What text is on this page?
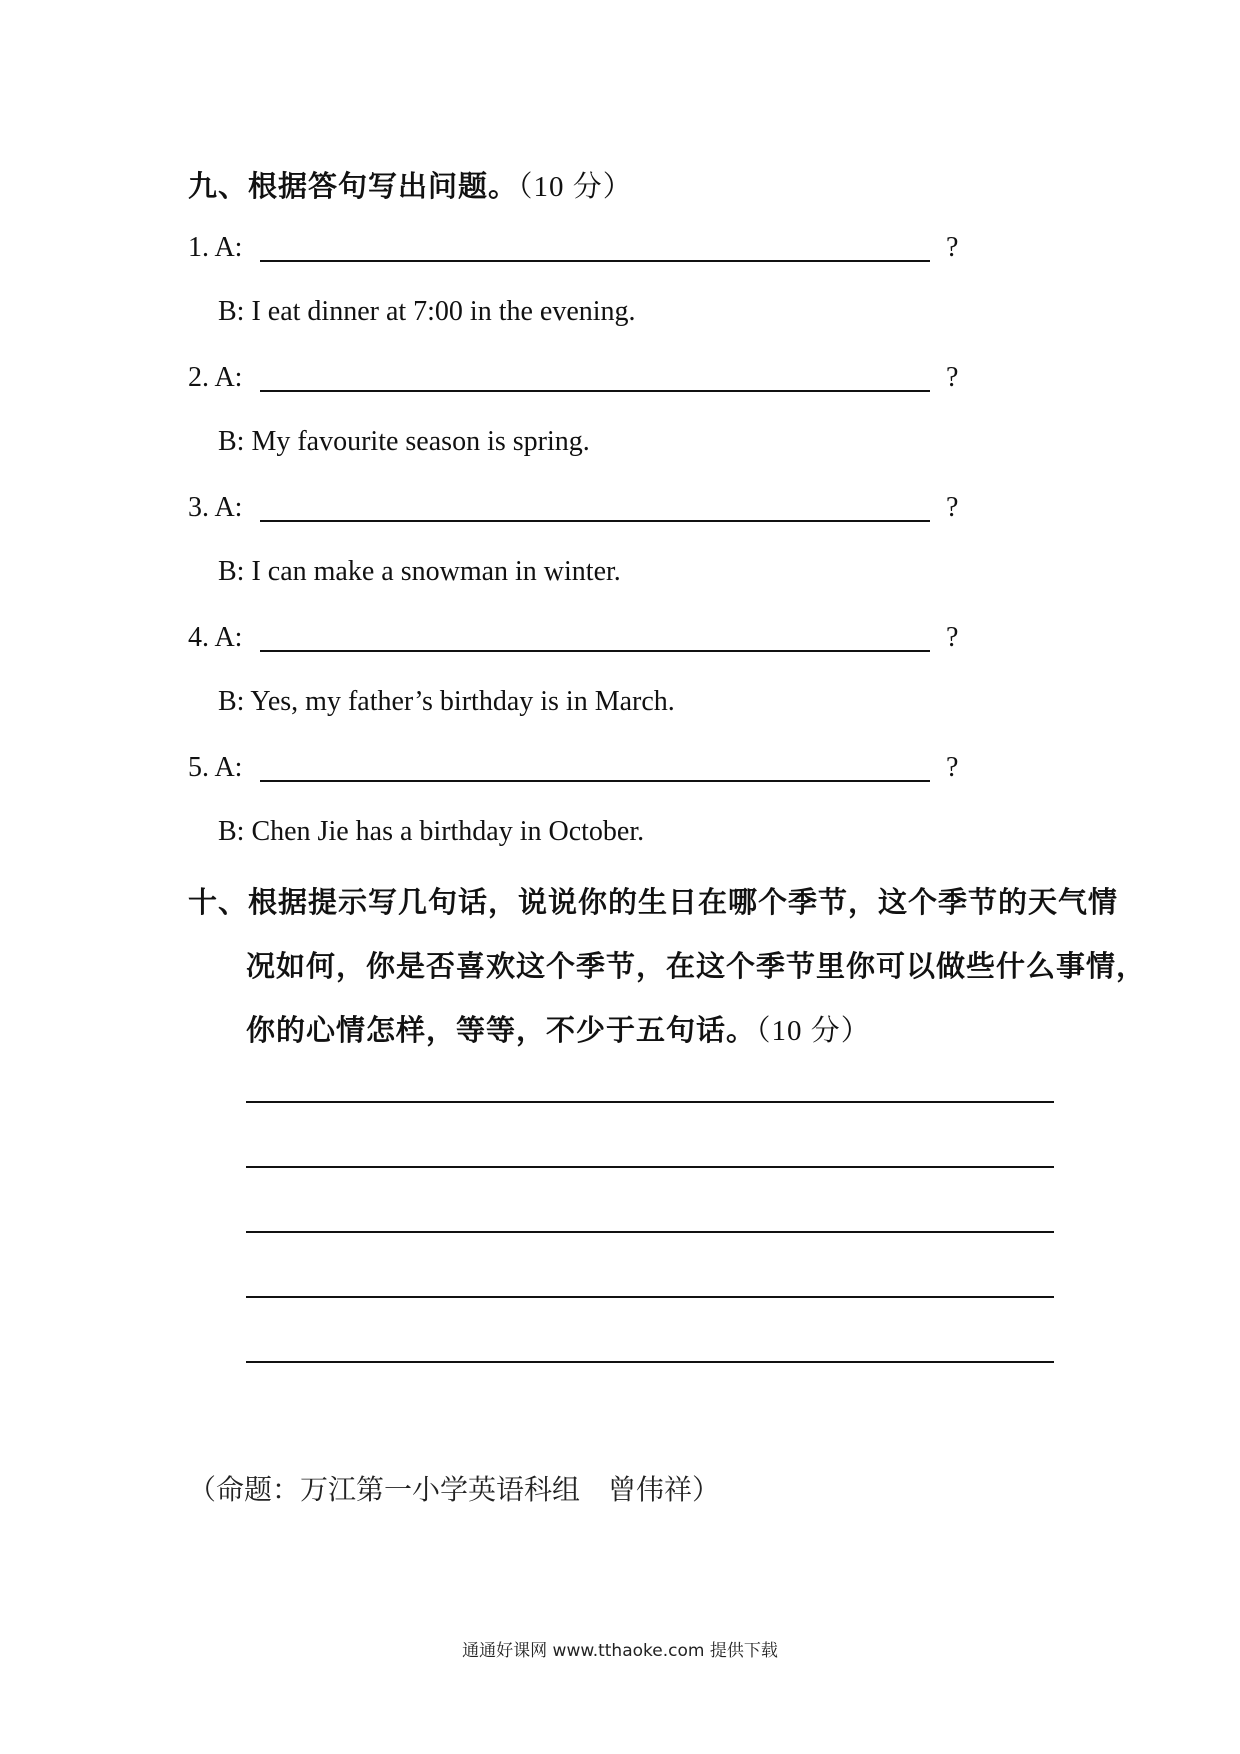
九、根据答句写出问题。（10 分）
1. A:	?
B: I eat dinner at 7:00 in the evening.
2. A:	?
B: My favourite season is spring.
3. A:	?
B: I can make a snowman in winter.
4. A:	?
B: Yes, my father’s birthday is in March.
5. A:	?
B: Chen Jie has a birthday in October.
十、根据提示写几句话，说说你的生日在哪个季节，这个季节的天气情
况如何，你是否喜欢这个季节，在这个季节里你可以做些什么事情，
你的心情怎样，等等，不少于五句话。（10 分）
（命题：万江第一小学英语科组　曾伟祥）
通通好课网 www.tthaoke.com 提供下载
